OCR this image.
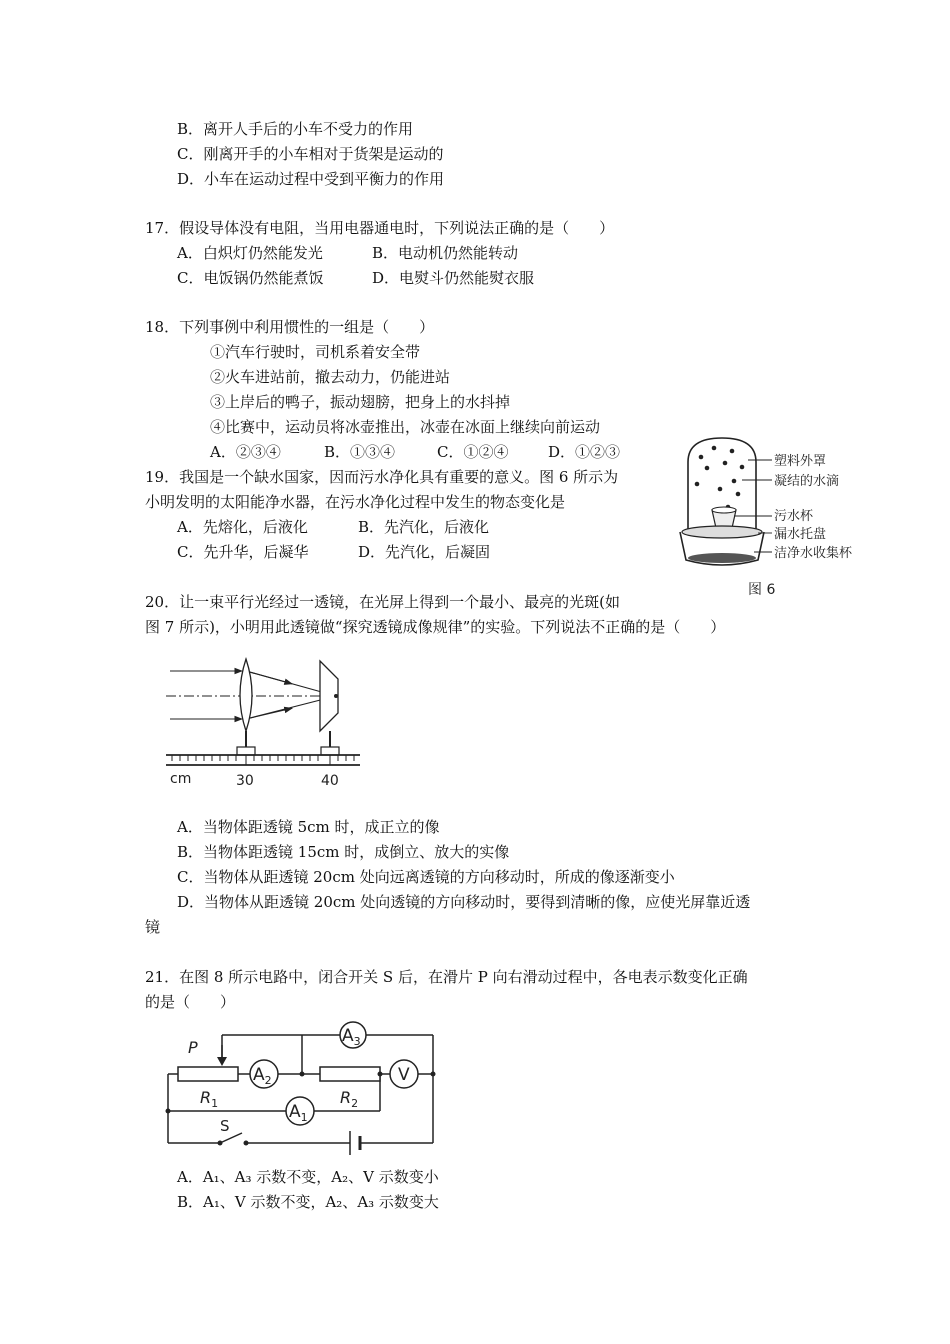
B．离开人手后的小车不受力的作用
C．刚离开手的小车相对于货架是运动的
D．小车在运动过程中受到平衡力的作用
17．假设导体没有电阻，当用电器通电时，下列说法正确的是（　　）
A．白炽灯仍然能发光	B．电动机仍然能转动
C．电饭锅仍然能煮饭	D．电熨斗仍然能熨衣服
18．下列事例中利用惯性的一组是（　　）
①汽车行驶时，司机系着安全带
②火车进站前，撤去动力，仍能进站
③上岸后的鸭子，振动翅膀，把身上的水抖掉
④比赛中，运动员将冰壶推出，冰壶在冰面上继续向前运动
A．②③④	B．①③④	C．①②④	D．①②③
19．我国是一个缺水国家，因而污水净化具有重要的意义。图 6 所示为
小明发明的太阳能净水器，在污水净化过程中发生的物态变化是
A．先熔化，后液化	B．先汽化，后液化
C．先升华，后凝华	D．先汽化，后凝固
塑料外罩
凝结的水滴
污水杯
漏水托盘
洁净水收集杯
图 6
20．让一束平行光经过一透镜，在光屏上得到一个最小、最亮的光斑(如
图 7 所示)，小明用此透镜做“探究透镜成像规律”的实验。下列说法不正确的是（　　）
cm	30	40
A．当物体距透镜 5cm 时，成正立的像
B．当物体距透镜 15cm 时，成倒立、放大的实像
C．当物体从距透镜 20cm 处向远离透镜的方向移动时，所成的像逐渐变小
D．当物体从距透镜 20cm 处向透镜的方向移动时，要得到清晰的像，应使光屏靠近透
镜
21．在图 8 所示电路中，闭合开关 S 后，在滑片 P 向右滑动过程中，各电表示数变化正确
的是（　　）
$A_3$
$A_2$	V
$A_1$
P
$R_1$	$R_2$
S
A．A₁、A₃ 示数不变，A₂、V 示数变小
B．A₁、V 示数不变，A₂、A₃ 示数变大
